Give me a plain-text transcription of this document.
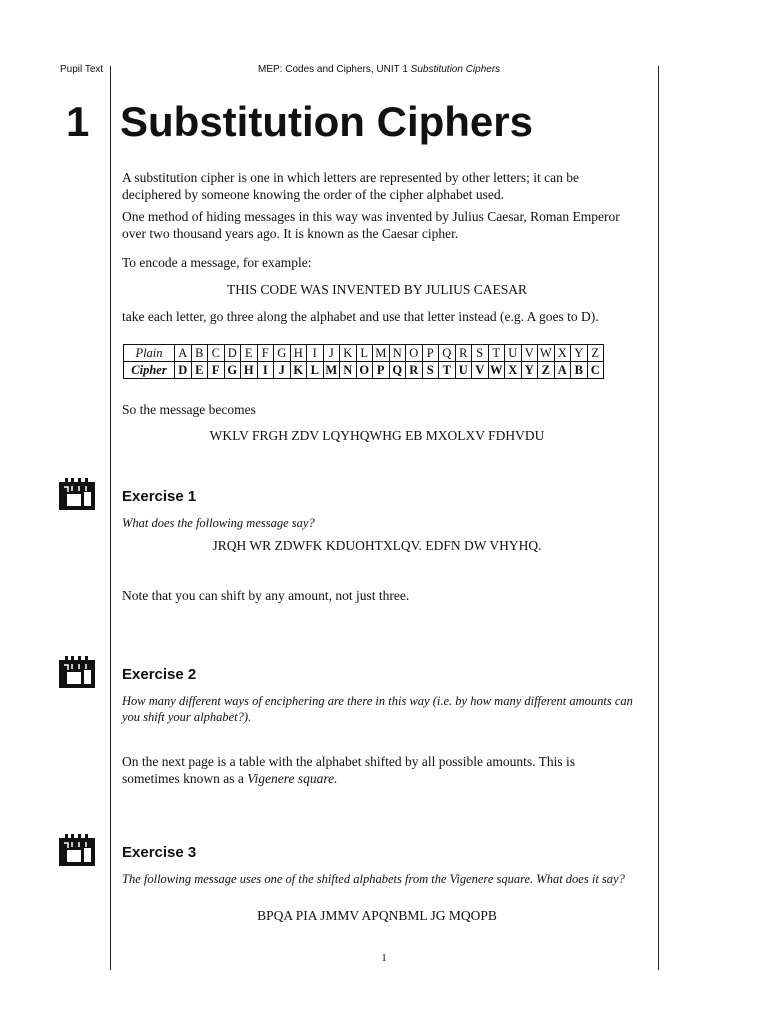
Pupil Text	MEP: Codes and Ciphers, UNIT 1 Substitution Ciphers
1 Substitution Ciphers
A substitution cipher is one in which letters are represented by other letters; it can be deciphered by someone knowing the order of the cipher alphabet used.
One method of hiding messages in this way was invented by Julius Caesar, Roman Emperor over two thousand years ago. It is known as the Caesar cipher.
To encode a message, for example:
THIS CODE WAS INVENTED BY JULIUS CAESAR
take each letter, go three along the alphabet and use that letter instead (e.g. A goes to D).
Plain	A	B	C	D	E	F	G	H	I	J	K	L	M	N	O	P	Q	R	S	T	U	V	W	X	Y	Z
Cipher	D	E	F	G	H	I	J	K	L	M	N	O	P	Q	R	S	T	U	V	W	X	Y	Z	A	B	C
So the message becomes
WKLV FRGH ZDV LQYHQWHG EB MXOLXV FDHVDU
Exercise 1
What does the following message say?
JRQH WR ZDWFK KDUOHTXLQV. EDFN DW VHYHQ.
Note that you can shift by any amount, not just three.
Exercise 2
How many different ways of enciphering are there in this way (i.e. by how many different amounts can you shift your alphabet?).
On the next page is a table with the alphabet shifted by all possible amounts. This is sometimes known as a Vigenere square.
Exercise 3
The following message uses one of the shifted alphabets from the Vigenere square. What does it say?
BPQA PIA JMMV APQNBML JG MQOPB
1
